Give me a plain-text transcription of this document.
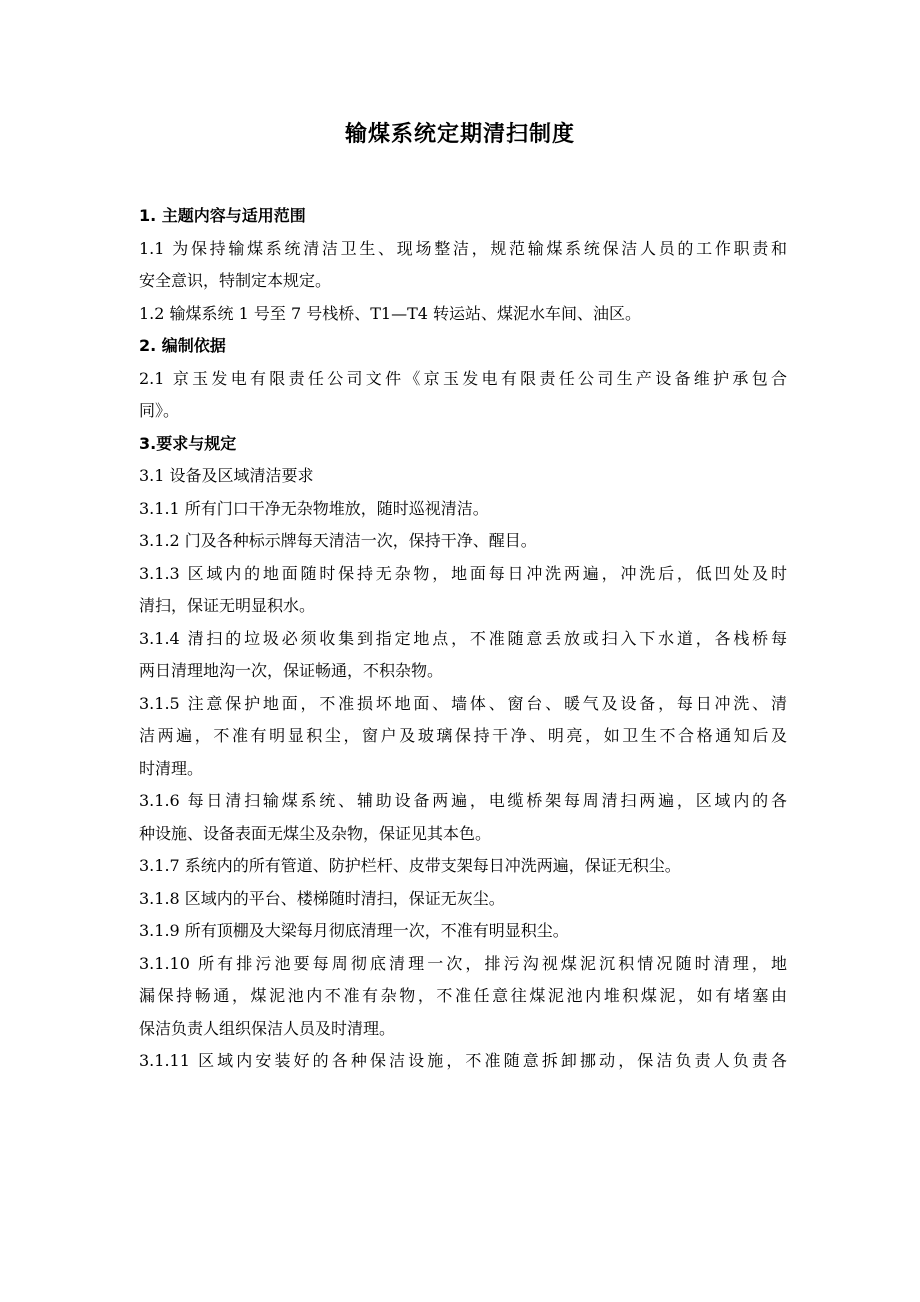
输煤系统定期清扫制度
1. 主题内容与适用范围
1.1 为保持输煤系统清洁卫生、现场整洁，规范输煤系统保洁人员的工作职责和
安全意识，特制定本规定。
1.2 输煤系统 1 号至 7 号栈桥、T1—T4 转运站、煤泥水车间、油区。
2. 编制依据
2.1 京玉发电有限责任公司文件《京玉发电有限责任公司生产设备维护承包合
同》。
3.要求与规定
3.1 设备及区域清洁要求
3.1.1 所有门口干净无杂物堆放，随时巡视清洁。
3.1.2 门及各种标示牌每天清洁一次，保持干净、醒目。
3.1.3 区域内的地面随时保持无杂物，地面每日冲洗两遍，冲洗后，低凹处及时
清扫，保证无明显积水。
3.1.4 清扫的垃圾必须收集到指定地点，不准随意丢放或扫入下水道，各栈桥每
两日清理地沟一次，保证畅通，不积杂物。
3.1.5 注意保护地面，不准损坏地面、墙体、窗台、暖气及设备，每日冲洗、清
洁两遍，不准有明显积尘，窗户及玻璃保持干净、明亮，如卫生不合格通知后及
时清理。
3.1.6 每日清扫输煤系统、辅助设备两遍，电缆桥架每周清扫两遍，区域内的各
种设施、设备表面无煤尘及杂物，保证见其本色。
3.1.7 系统内的所有管道、防护栏杆、皮带支架每日冲洗两遍，保证无积尘。
3.1.8 区域内的平台、楼梯随时清扫，保证无灰尘。
3.1.9 所有顶棚及大梁每月彻底清理一次，不准有明显积尘。
3.1.10 所有排污池要每周彻底清理一次，排污沟视煤泥沉积情况随时清理，地
漏保持畅通，煤泥池内不准有杂物，不准任意往煤泥池内堆积煤泥，如有堵塞由
保洁负责人组织保洁人员及时清理。
3.1.11 区域内安装好的各种保洁设施，不准随意拆卸挪动，保洁负责人负责各
